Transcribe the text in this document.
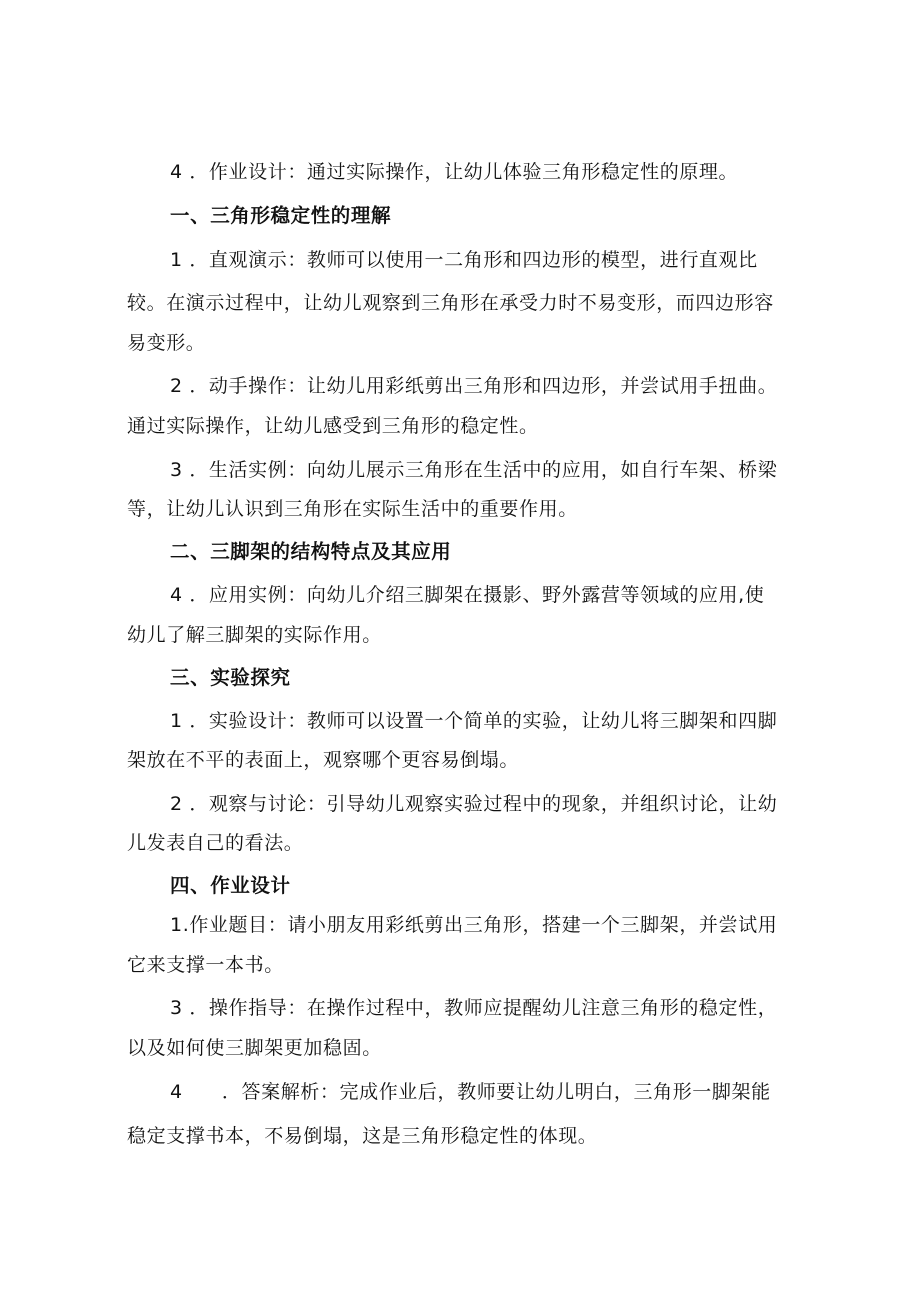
4 ．作业设计：通过实际操作，让幼儿体验三角形稳定性的原理。
一、三角形稳定性的理解
1 ．直观演示：教师可以使用一二角形和四边形的模型，进行直观比
较。在演示过程中，让幼儿观察到三角形在承受力时不易变形，而四边形容
易变形。
2 ．动手操作：让幼儿用彩纸剪出三角形和四边形，并尝试用手扭曲。
通过实际操作，让幼儿感受到三角形的稳定性。
3 ．生活实例：向幼儿展示三角形在生活中的应用，如自行车架、桥梁
等，让幼儿认识到三角形在实际生活中的重要作用。
二、三脚架的结构特点及其应用
4 ．应用实例：向幼儿介绍三脚架在摄影、野外露营等领域的应用,使
幼儿了解三脚架的实际作用。
三、实验探究
1 ．实验设计：教师可以设置一个简单的实验，让幼儿将三脚架和四脚
架放在不平的表面上，观察哪个更容易倒塌。
2 ．观察与讨论：引导幼儿观察实验过程中的现象，并组织讨论，让幼
儿发表自己的看法。
四、作业设计
1.作业题目：请小朋友用彩纸剪出三角形，搭建一个三脚架，并尝试用
它来支撑一本书。
3 ．操作指导：在操作过程中，教师应提醒幼儿注意三角形的稳定性，
以及如何使三脚架更加稳固。
4　　．答案解析：完成作业后，教师要让幼儿明白，三角形一脚架能
稳定支撑书本，不易倒塌，这是三角形稳定性的体现。
